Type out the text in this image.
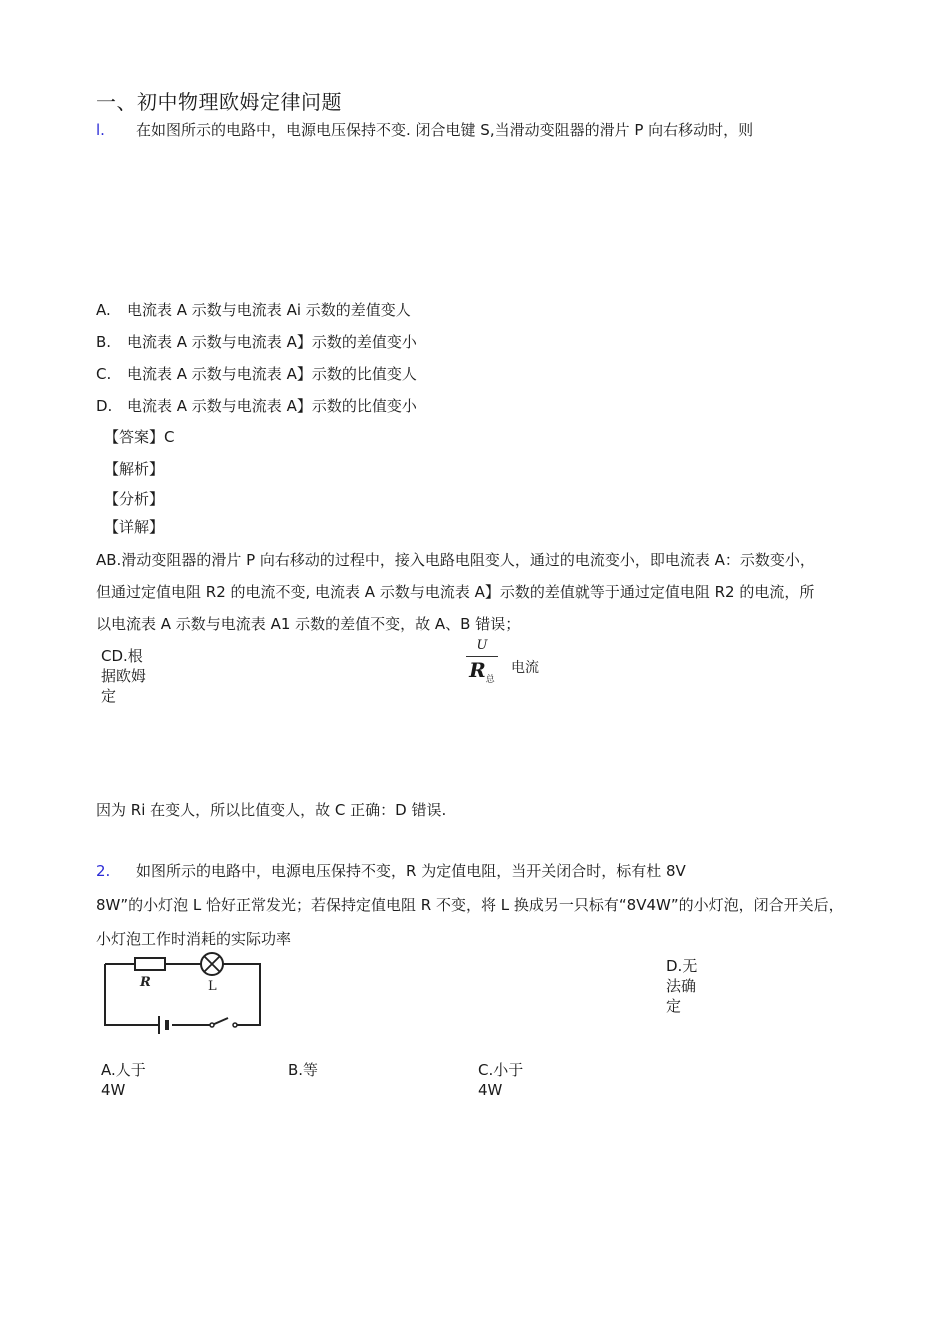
一、初中物理欧姆定律问题
l. 在如图所示的电路中，电源电压保持不变. 闭合电键 S,当滑动变阻器的滑片 P 向右移动时，则
A. 电流表 A 示数与电流表 Ai 示数的差值变人
B. 电流表 A 示数与电流表 A】示数的差值变小
C. 电流表 A 示数与电流表 A】示数的比值变人
D. 电流表 A 示数与电流表 A】示数的比值变小
【答案】C
【解析】
【分析】
【详解】
AB.滑动变阻器的滑片 P 向右移动的过程中，接入电路电阻变人，通过的电流变小，即电流表 A：示数变小，
但通过定值电阻 R2 的电流不变, 电流表 A 示数与电流表 A】示数的差值就等于通过定值电阻 R2 的电流，所
以电流表 A 示数与电流表 A1 示数的差值不变，故 A、B 错误；
CD.根据欧姆定
U
$R_总$
电流
因为 Ri 在变人，所以比值变人，故 C 正确：D 错误.
2. 如图所示的电路中，电源电压保持不变，R 为定值电阻，当开关闭合时，标有杜 8V
8W”的小灯泡 L 恰好正常发光；若保持定值电阻 R 不变，将 L 换成另一只标有“8V4W”的小灯泡，闭合开关后，
小灯泡工作时消耗的实际功率
R	L
D.无法确定
A.人于 4W
B.等	C.小于 4W
